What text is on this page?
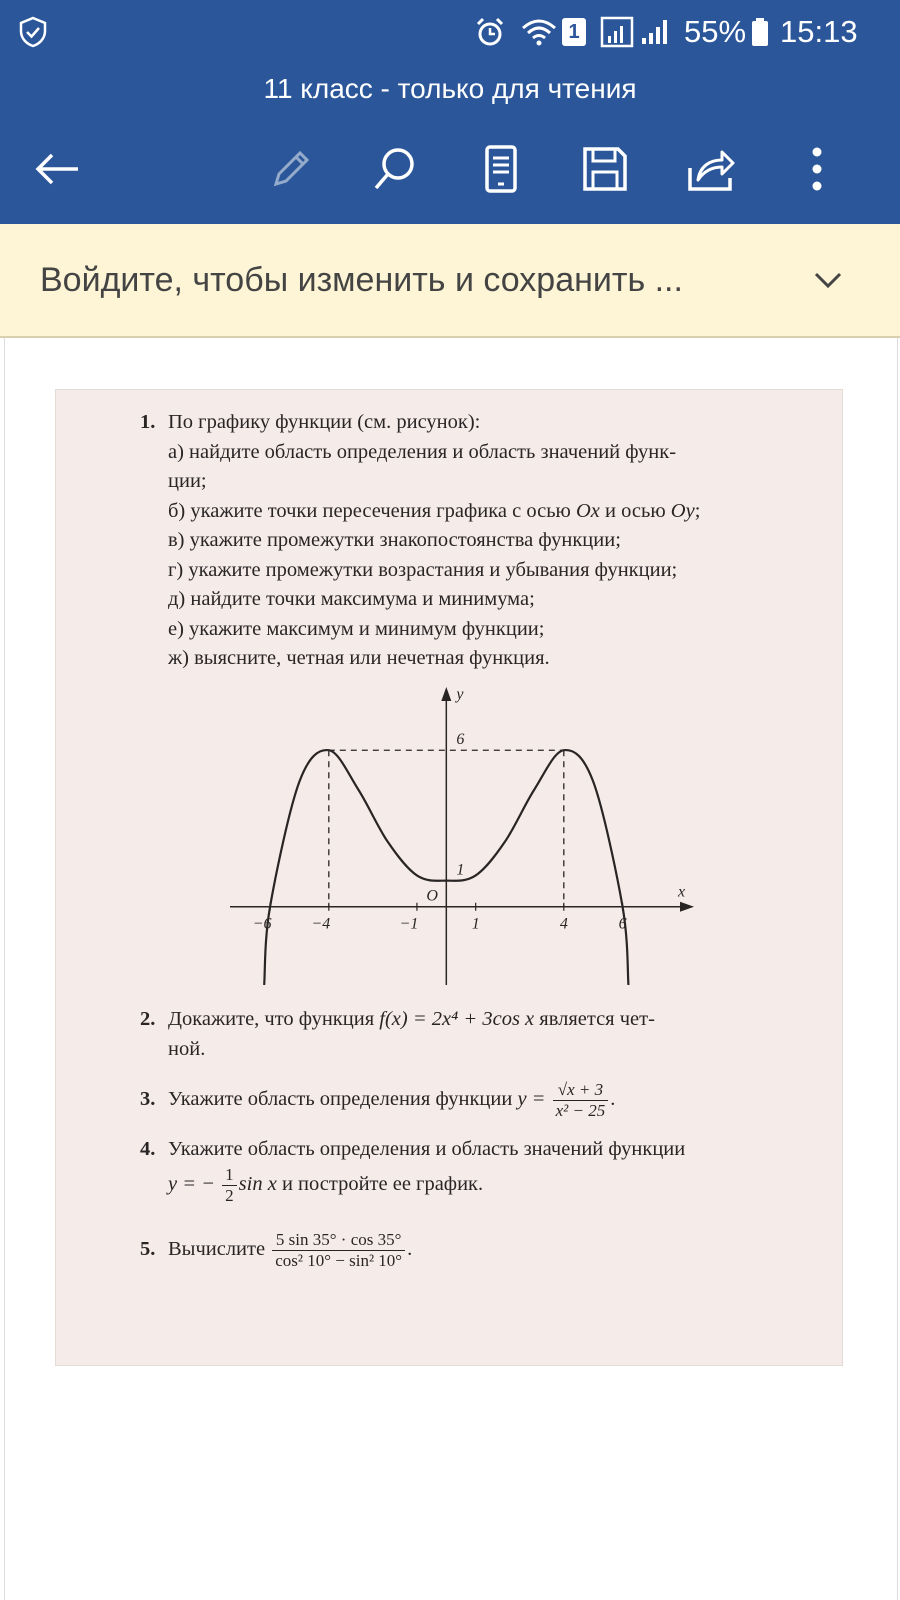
1	55% 15:13
11 класс - только для чтения
Войдите, чтобы изменить и сохранить ...
1. По графику функции (см. рисунок):
а) найдите область определения и область значений функ-
ции;
б) укажите точки пересечения графика с осью Ox и осью Oy;
в) укажите промежутки знакопостоянства функции;
г) укажите промежутки возрастания и убывания функции;
д) найдите точки максимума и минимума;
е) укажите максимум и минимум функции;
ж) выясните, четная или нечетная функция.
−6 −4	−1	1	4	6
1
6
x
y
O
2. Докажите, что функция f(x) = 2x⁴ + 3cos x является чет-
ной.
3. Укажите область определения функции $y = \frac{√x + 3}{\text{x² − 25}}$ .
4. Укажите область определения и область значений функции
y = − $\frac{1}{2}$ sin x и постройте ее график.
5. Вычислите $\frac{5 \sin 35^\circ \cdot \cos 35^\circ}{\text{cos² 10° − sin² 10°}}$ .
